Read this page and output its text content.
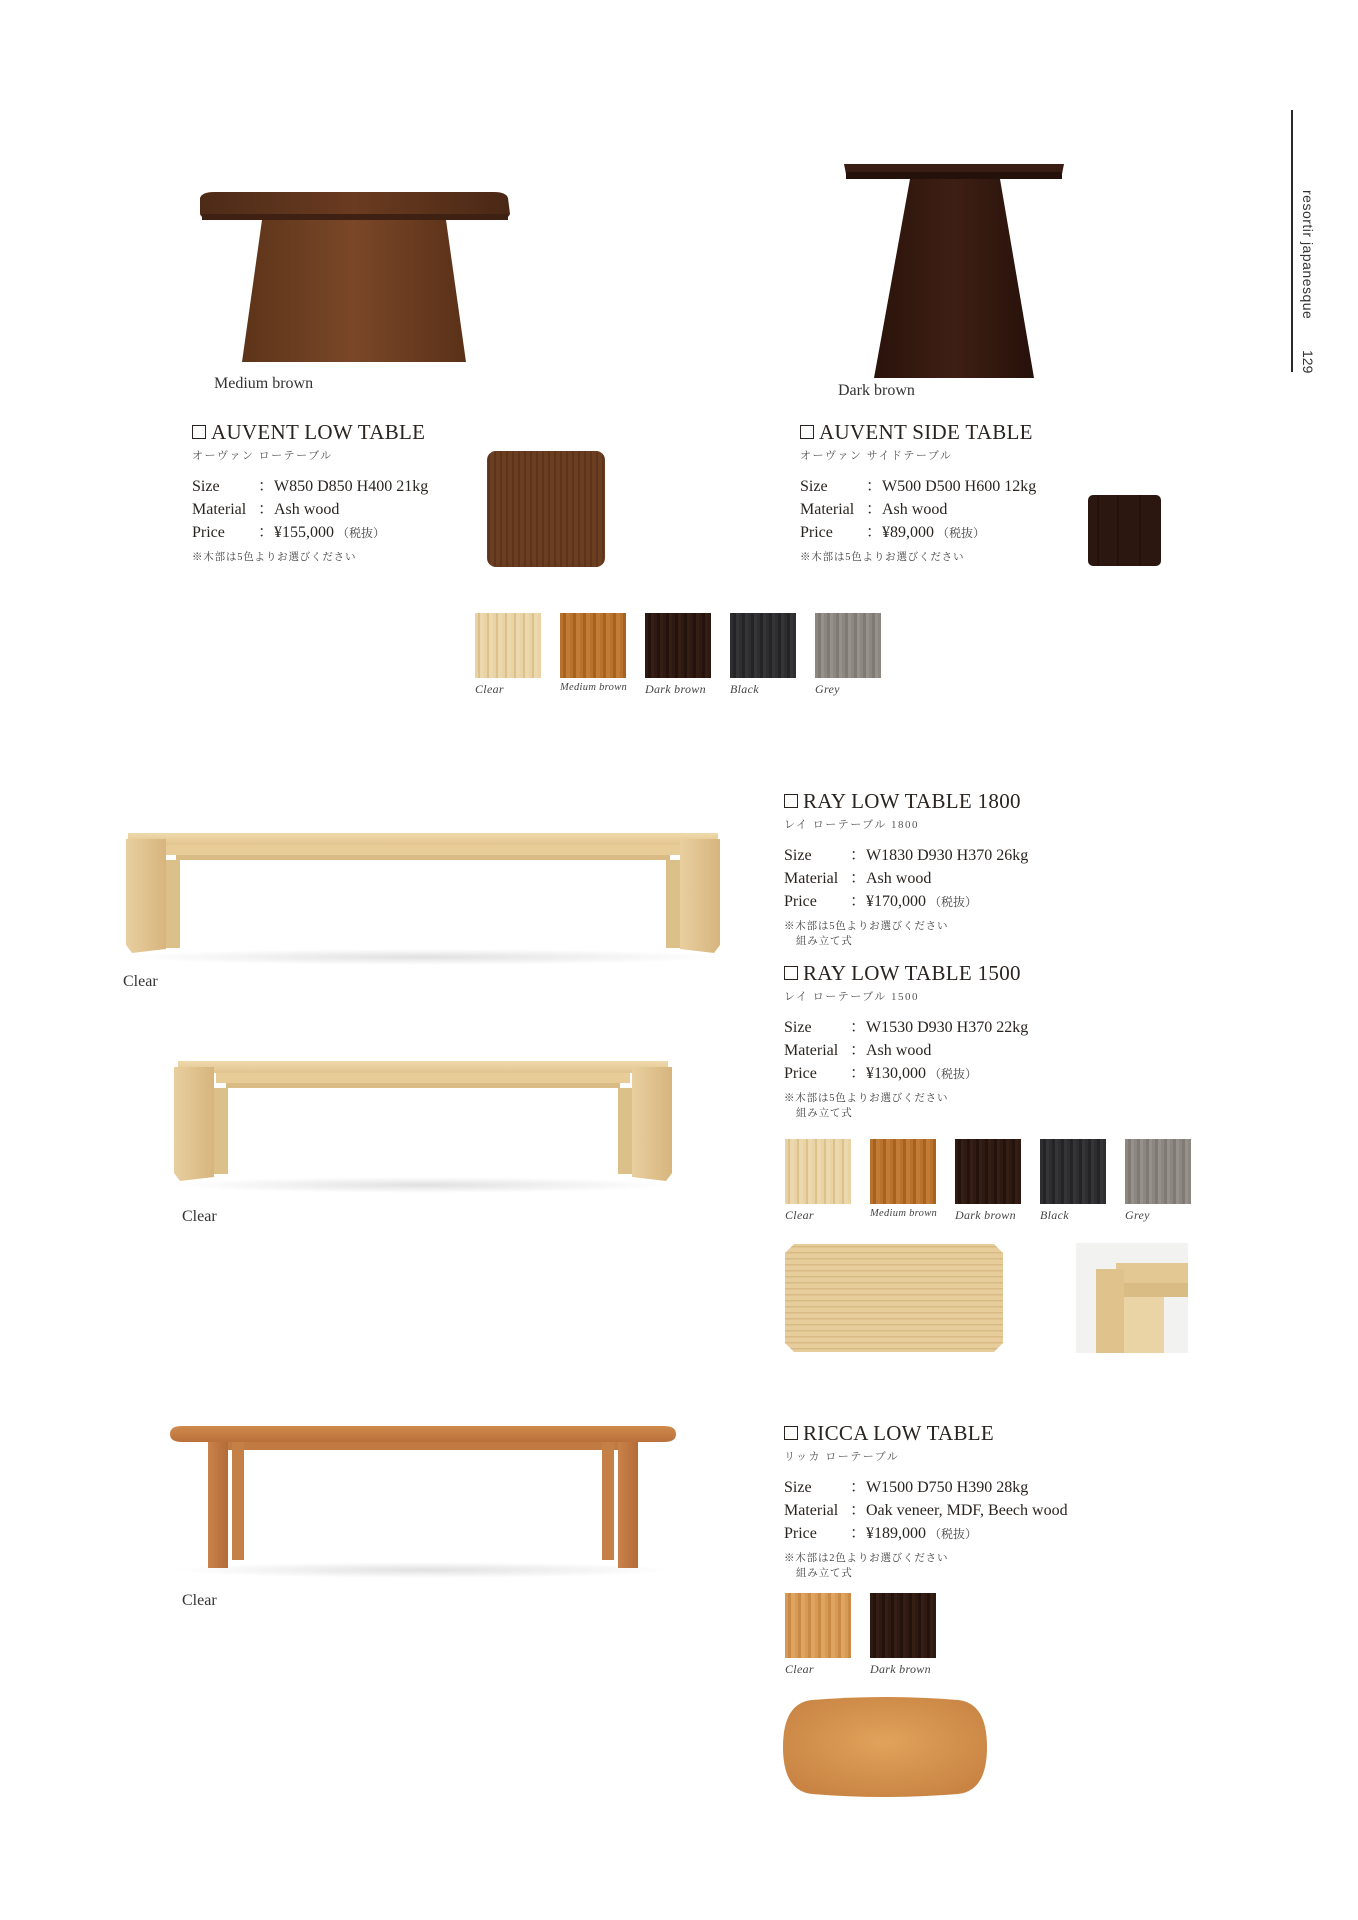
resortir japanesque
129
Medium brown
AUVENT LOW TABLE
オーヴァン ローテーブル
Size ：W850 D850 H400 21kg
Material ：Ash wood
Price ：¥155,000 （税抜）
※木部は5色よりお選びください
Dark brown
AUVENT SIDE TABLE
オーヴァン サイドテーブル
Size ：W500 D500 H600 12kg
Material ：Ash wood
Price ：¥89,000 （税抜）
※木部は5色よりお選びください
Clear	Medium brown Dark brown	Black	Grey
Clear
Clear
RAY LOW TABLE 1800
レイ ローテーブル 1800
Size ：W1830 D930 H370 26kg
Material ：Ash wood
Price ：¥170,000 （税抜）
※木部は5色よりお選びください
組み立て式
RAY LOW TABLE 1500
レイ ローテーブル 1500
Size ：W1530 D930 H370 22kg
Material ：Ash wood
Price ：¥130,000 （税抜）
※木部は5色よりお選びください
組み立て式
Clear	Medium brown Dark brown	Black	Grey
Clear
RICCA LOW TABLE
リッカ ローテーブル
Size ：W1500 D750 H390 28kg
Material ：Oak veneer, MDF, Beech wood
Price ：¥189,000 （税抜）
※木部は2色よりお選びください
組み立て式
Clear	Dark brown
